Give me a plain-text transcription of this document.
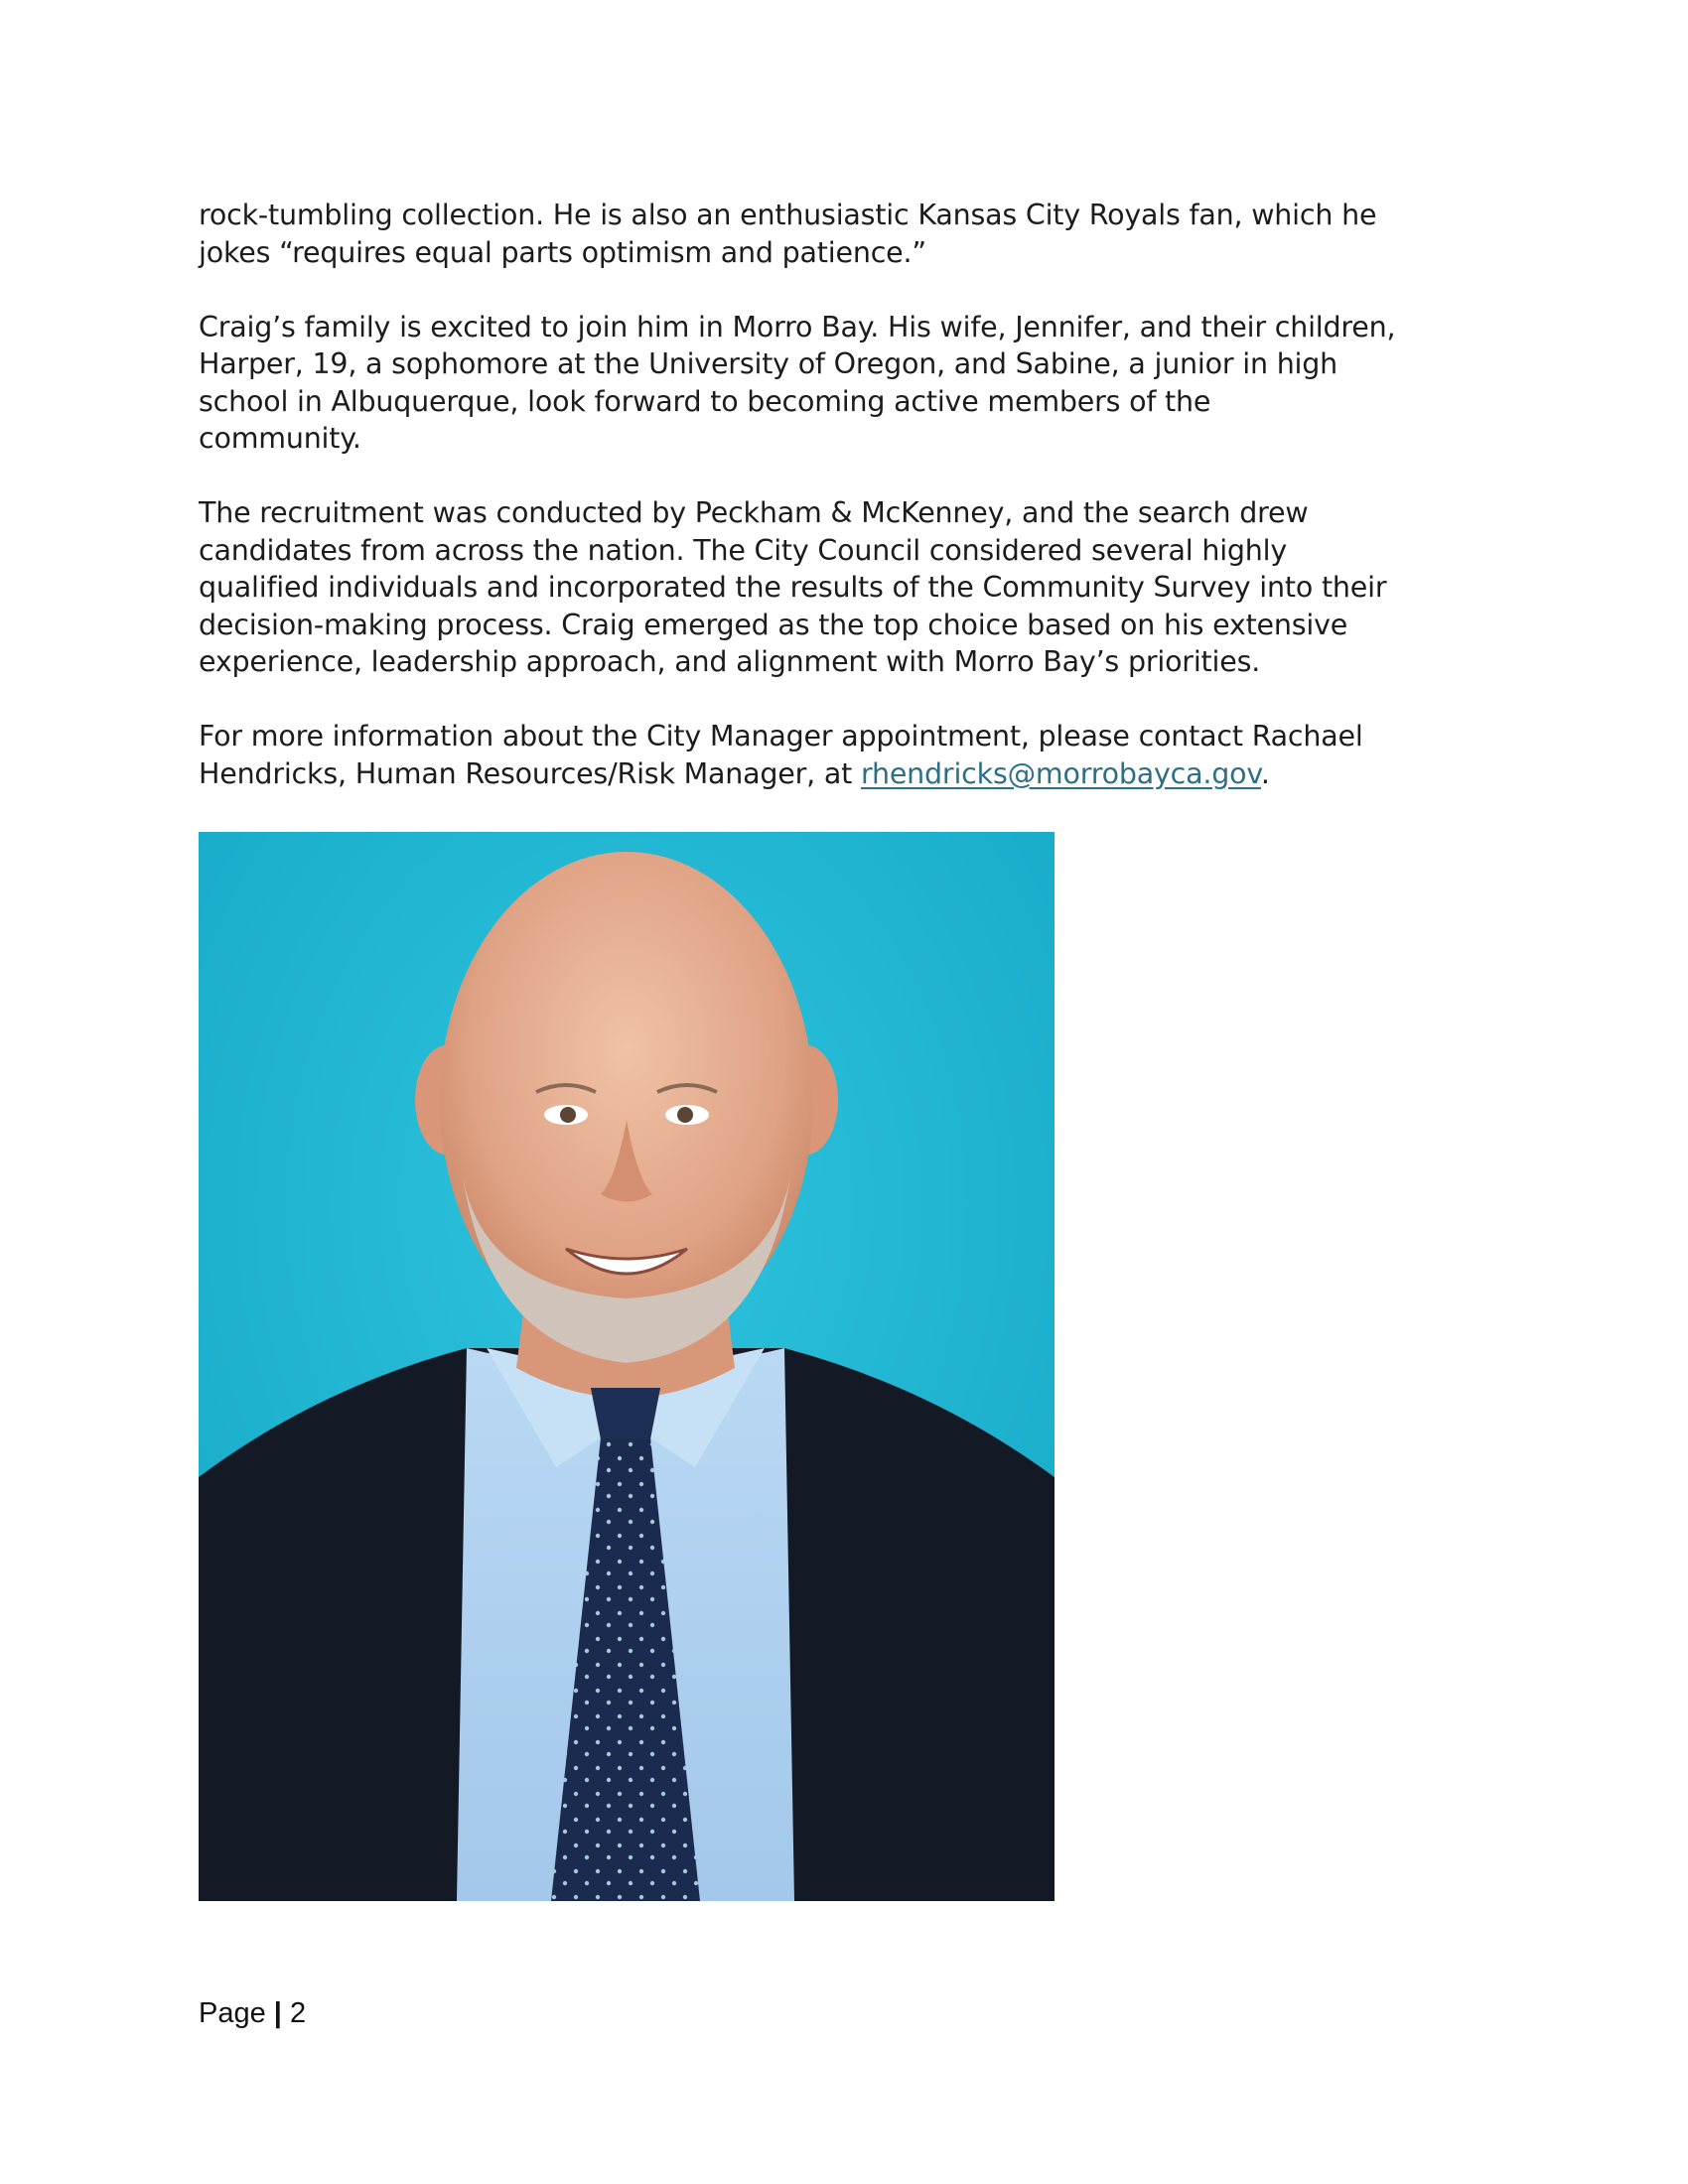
rock-tumbling collection. He is also an enthusiastic Kansas City Royals fan, which he
jokes “requires equal parts optimism and patience.”

Craig’s family is excited to join him in Morro Bay. His wife, Jennifer, and their children,
Harper, 19, a sophomore at the University of Oregon, and Sabine, a junior in high
school in Albuquerque, look forward to becoming active members of the
community.

The recruitment was conducted by Peckham & McKenney, and the search drew
candidates from across the nation. The City Council considered several highly
qualified individuals and incorporated the results of the Community Survey into their
decision-making process. Craig emerged as the top choice based on his extensive
experience, leadership approach, and alignment with Morro Bay’s priorities.

For more information about the City Manager appointment, please contact Rachael
Hendricks, Human Resources/Risk Manager, at rhendricks@morrobayca.gov.

Page | 2
